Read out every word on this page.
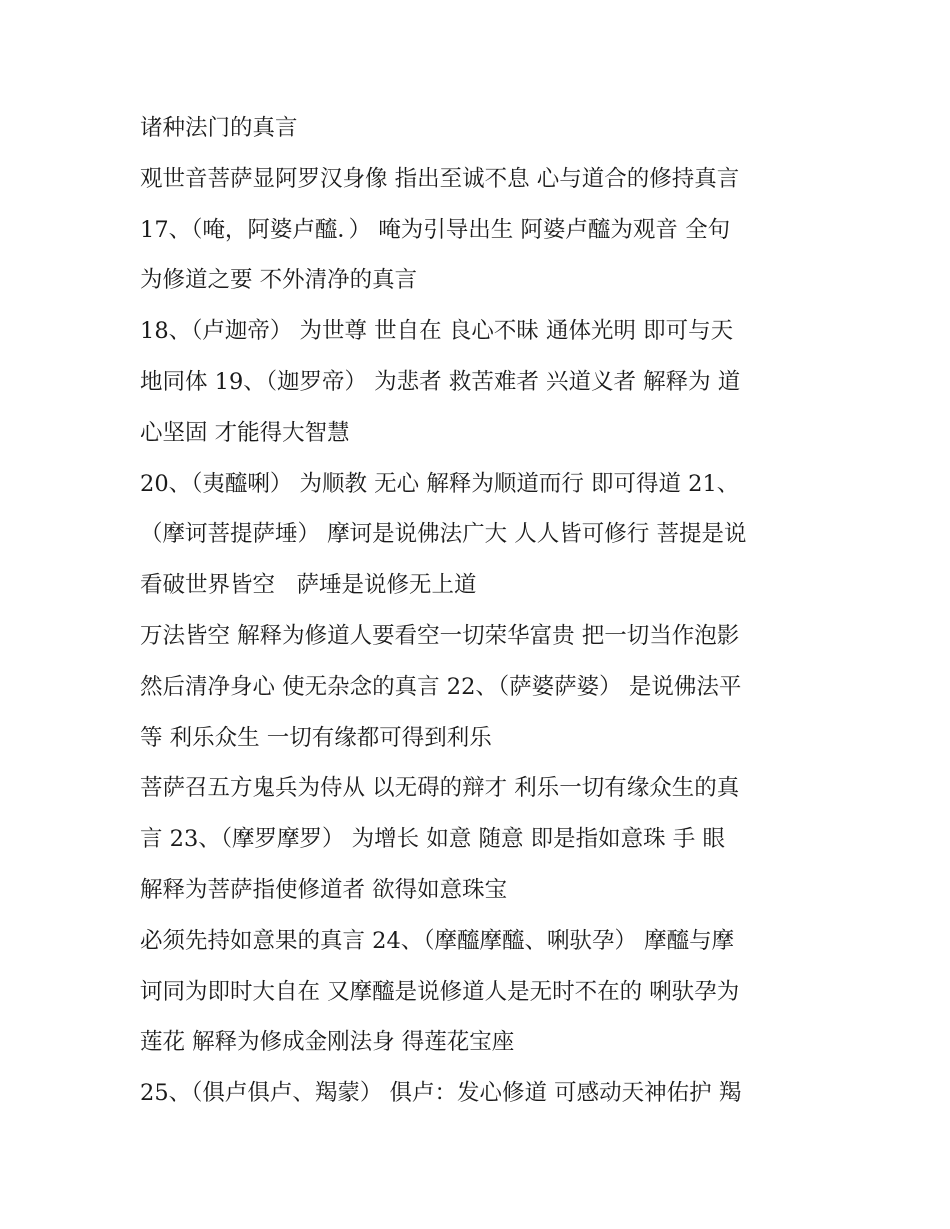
诸种法门的真言
观世音菩萨显阿罗汉身像 指出至诚不息 心与道合的修持真言
17、（唵，阿婆卢醯．） 唵为引导出生 阿婆卢醯为观音 全句
为修道之要 不外清净的真言
18、（卢迦帝） 为世尊 世自在 良心不昧 通体光明 即可与天
地同体 19、（迦罗帝） 为悲者 救苦难者 兴道义者 解释为 道
心坚固 才能得大智慧
20、（夷醯唎） 为顺教 无心 解释为顺道而行 即可得道 21、
（摩诃菩提萨埵） 摩诃是说佛法广大 人人皆可修行 菩提是说
看破世界皆空   萨埵是说修无上道
万法皆空 解释为修道人要看空一切荣华富贵 把一切当作泡影
然后清净身心 使无杂念的真言 22、（萨婆萨婆） 是说佛法平
等 利乐众生 一切有缘都可得到利乐
菩萨召五方鬼兵为侍从 以无碍的辩才 利乐一切有缘众生的真
言 23、（摩罗摩罗） 为增长 如意 随意 即是指如意珠 手 眼
解释为菩萨指使修道者 欲得如意珠宝
必须先持如意果的真言 24、（摩醯摩醯、唎驮孕） 摩醯与摩
诃同为即时大自在 又摩醯是说修道人是无时不在的 唎驮孕为
莲花 解释为修成金刚法身 得莲花宝座
25、（俱卢俱卢、羯蒙） 俱卢：发心修道 可感动天神佑护 羯
